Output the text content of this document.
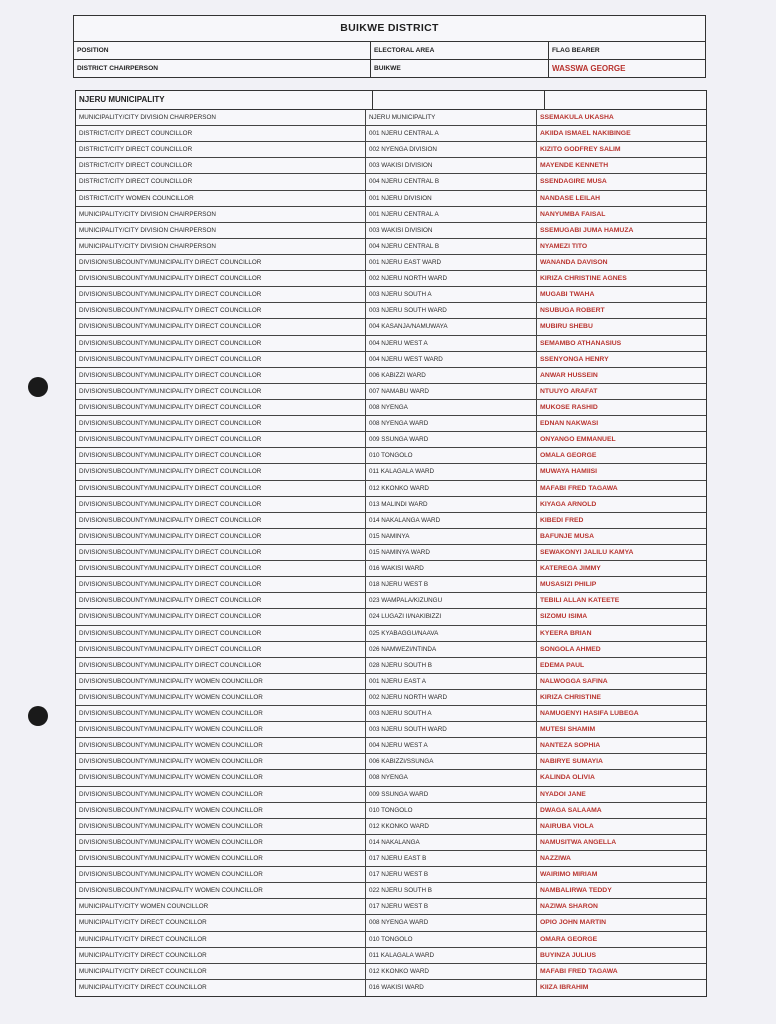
BUIKWE DISTRICT
POSITION	ELECTORAL AREA	FLAG BEARER
DISTRICT CHAIRPERSON	BUIKWE	WASSWA GEORGE
NJERU MUNICIPALITY
MUNICIPALITY/CITY DIVISION CHAIRPERSON	NJERU MUNICIPALITY	SSEMAKULA UKASHA
DISTRICT/CITY DIRECT COUNCILLOR	001 NJERU CENTRAL A	AKIIDA ISMAEL NAKIBINGE
DISTRICT/CITY DIRECT COUNCILLOR	002 NYENGA DIVISION	KIZITO GODFREY SALIM
DISTRICT/CITY DIRECT COUNCILLOR	003 WAKISI DIVISION	MAYENDE KENNETH
DISTRICT/CITY DIRECT COUNCILLOR	004 NJERU CENTRAL B	SSENDAGIRE MUSA
DISTRICT/CITY WOMEN COUNCILLOR	001 NJERU DIVISION	NANDASE LEILAH
MUNICIPALITY/CITY DIVISION CHAIRPERSON	001 NJERU CENTRAL A	NANYUMBA FAISAL
MUNICIPALITY/CITY DIVISION CHAIRPERSON	003 WAKISI DIVISION	SSEMUGABI JUMA HAMUZA
MUNICIPALITY/CITY DIVISION CHAIRPERSON	004 NJERU CENTRAL B	NYAMEZI TITO
DIVISION/SUBCOUNTY/MUNICIPALITY DIRECT COUNCILLOR	001 NJERU EAST WARD	WANANDA DAVISON
DIVISION/SUBCOUNTY/MUNICIPALITY DIRECT COUNCILLOR	002 NJERU NORTH WARD	KIRIZA CHRISTINE AGNES
DIVISION/SUBCOUNTY/MUNICIPALITY DIRECT COUNCILLOR	003 NJERU SOUTH A	MUGABI TWAHA
DIVISION/SUBCOUNTY/MUNICIPALITY DIRECT COUNCILLOR	003 NJERU SOUTH WARD	NSUBUGA ROBERT
DIVISION/SUBCOUNTY/MUNICIPALITY DIRECT COUNCILLOR	004 KASANJA/NAMUWAYA	MUBIRU SHEBU
DIVISION/SUBCOUNTY/MUNICIPALITY DIRECT COUNCILLOR	004 NJERU WEST A	SEMAMBO ATHANASIUS
DIVISION/SUBCOUNTY/MUNICIPALITY DIRECT COUNCILLOR	004 NJERU WEST WARD	SSENYONGA HENRY
DIVISION/SUBCOUNTY/MUNICIPALITY DIRECT COUNCILLOR	006 KABIZZI WARD	ANWAR HUSSEIN
DIVISION/SUBCOUNTY/MUNICIPALITY DIRECT COUNCILLOR	007 NAMABU WARD	NTUUYO ARAFAT
DIVISION/SUBCOUNTY/MUNICIPALITY DIRECT COUNCILLOR	008 NYENGA	MUKOSE RASHID
DIVISION/SUBCOUNTY/MUNICIPALITY DIRECT COUNCILLOR	008 NYENGA WARD	EDNAN NAKWASI
DIVISION/SUBCOUNTY/MUNICIPALITY DIRECT COUNCILLOR	009 SSUNGA WARD	ONYANGO EMMANUEL
DIVISION/SUBCOUNTY/MUNICIPALITY DIRECT COUNCILLOR	010 TONGOLO	OMALA GEORGE
DIVISION/SUBCOUNTY/MUNICIPALITY DIRECT COUNCILLOR	011 KALAGALA WARD	MUWAYA HAMIISI
DIVISION/SUBCOUNTY/MUNICIPALITY DIRECT COUNCILLOR	012 KKONKO WARD	MAFABI FRED TAGAWA
DIVISION/SUBCOUNTY/MUNICIPALITY DIRECT COUNCILLOR	013 MALINDI WARD	KIYAGA ARNOLD
DIVISION/SUBCOUNTY/MUNICIPALITY DIRECT COUNCILLOR	014 NAKALANGA WARD	KIBEDI FRED
DIVISION/SUBCOUNTY/MUNICIPALITY DIRECT COUNCILLOR	015 NAMINYA	BAFUNJE MUSA
DIVISION/SUBCOUNTY/MUNICIPALITY DIRECT COUNCILLOR	015 NAMINYA WARD	SEWAKONYI JALILU KAMYA
DIVISION/SUBCOUNTY/MUNICIPALITY DIRECT COUNCILLOR	016 WAKISI WARD	KATEREGA JIMMY
DIVISION/SUBCOUNTY/MUNICIPALITY DIRECT COUNCILLOR	018 NJERU WEST B	MUSASIZI PHILIP
DIVISION/SUBCOUNTY/MUNICIPALITY DIRECT COUNCILLOR	023 WAMPALA/KIZUNGU	TEBILI ALLAN KATEETE
DIVISION/SUBCOUNTY/MUNICIPALITY DIRECT COUNCILLOR	024 LUGAZI II/NAKIBIZZI	SIZOMU ISIMA
DIVISION/SUBCOUNTY/MUNICIPALITY DIRECT COUNCILLOR	025 KYABAGGU/NAAVA	KYEERA BRIAN
DIVISION/SUBCOUNTY/MUNICIPALITY DIRECT COUNCILLOR	026 NAMWEZI/NTINDA	SONGOLA AHMED
DIVISION/SUBCOUNTY/MUNICIPALITY DIRECT COUNCILLOR	028 NJERU SOUTH B	EDEMA PAUL
DIVISION/SUBCOUNTY/MUNICIPALITY WOMEN COUNCILLOR	001 NJERU EAST A	NALWOGGA SAFINA
DIVISION/SUBCOUNTY/MUNICIPALITY WOMEN COUNCILLOR	002 NJERU NORTH WARD	KIRIZA CHRISTINE
DIVISION/SUBCOUNTY/MUNICIPALITY WOMEN COUNCILLOR	003 NJERU SOUTH A	NAMUGENYI HASIFA LUBEGA
DIVISION/SUBCOUNTY/MUNICIPALITY WOMEN COUNCILLOR	003 NJERU SOUTH WARD	MUTESI SHAMIM
DIVISION/SUBCOUNTY/MUNICIPALITY WOMEN COUNCILLOR	004 NJERU WEST A	NANTEZA SOPHIA
DIVISION/SUBCOUNTY/MUNICIPALITY WOMEN COUNCILLOR	006 KABIZZI/SSUNGA	NABIRYE SUMAYIA
DIVISION/SUBCOUNTY/MUNICIPALITY WOMEN COUNCILLOR	008 NYENGA	KALINDA OLIVIA
DIVISION/SUBCOUNTY/MUNICIPALITY WOMEN COUNCILLOR	009 SSUNGA WARD	NYADOI JANE
DIVISION/SUBCOUNTY/MUNICIPALITY WOMEN COUNCILLOR	010 TONGOLO	DWAGA SALAAMA
DIVISION/SUBCOUNTY/MUNICIPALITY WOMEN COUNCILLOR	012 KKONKO WARD	NAIRUBA VIOLA
DIVISION/SUBCOUNTY/MUNICIPALITY WOMEN COUNCILLOR	014 NAKALANGA	NAMUSITWA ANGELLA
DIVISION/SUBCOUNTY/MUNICIPALITY WOMEN COUNCILLOR	017 NJERU EAST B	NAZZIWA
DIVISION/SUBCOUNTY/MUNICIPALITY WOMEN COUNCILLOR	017 NJERU WEST B	WAIRIMO MIRIAM
DIVISION/SUBCOUNTY/MUNICIPALITY WOMEN COUNCILLOR	022 NJERU SOUTH B	NAMBALIRWA TEDDY
MUNICIPALITY/CITY WOMEN COUNCILLOR	017 NJERU WEST B	NAZIWA SHARON
MUNICIPALITY/CITY DIRECT COUNCILLOR	008 NYENGA WARD	OPIO JOHN MARTIN
MUNICIPALITY/CITY DIRECT COUNCILLOR	010 TONGOLO	OMARA GEORGE
MUNICIPALITY/CITY DIRECT COUNCILLOR	011 KALAGALA WARD	BUYINZA JULIUS
MUNICIPALITY/CITY DIRECT COUNCILLOR	012 KKONKO WARD	MAFABI FRED TAGAWA
MUNICIPALITY/CITY DIRECT COUNCILLOR	016 WAKISI WARD	KIIZA IBRAHIM
